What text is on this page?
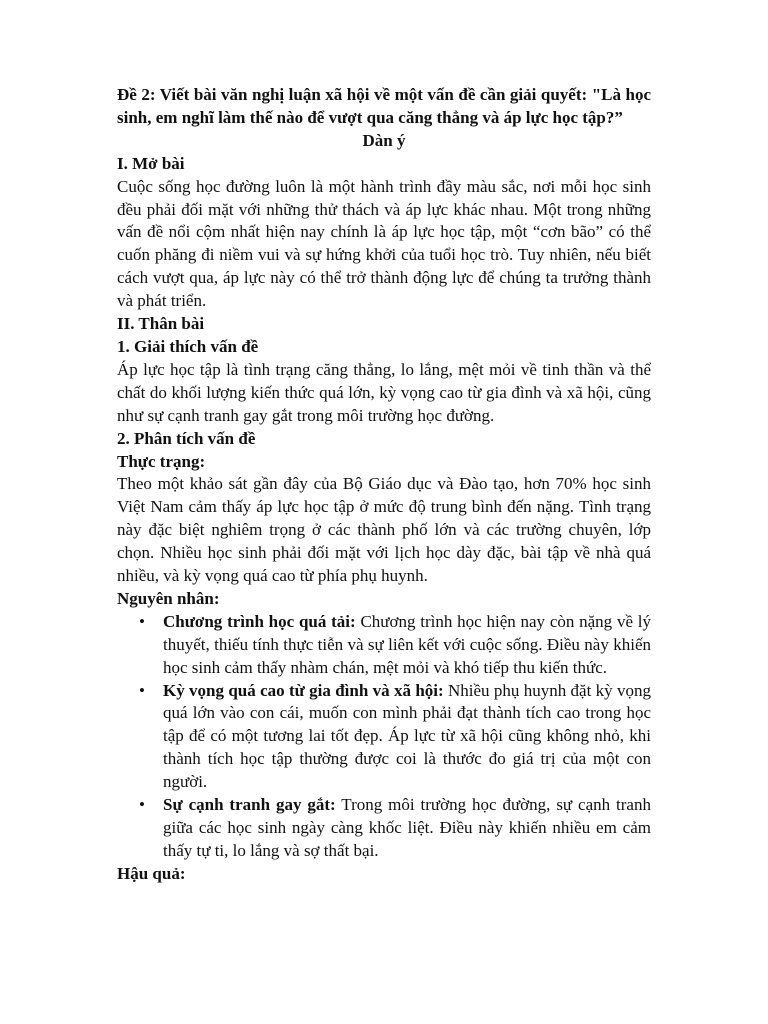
Đề 2: Viết bài văn nghị luận xã hội về một vấn đề cần giải quyết: "Là học sinh, em nghĩ làm thế nào để vượt qua căng thẳng và áp lực học tập?”

Dàn ý

I. Mở bài

Cuộc sống học đường luôn là một hành trình đầy màu sắc, nơi mỗi học sinh đều phải đối mặt với những thử thách và áp lực khác nhau. Một trong những vấn đề nổi cộm nhất hiện nay chính là áp lực học tập, một “cơn bão” có thể cuốn phăng đi niềm vui và sự hứng khởi của tuổi học trò. Tuy nhiên, nếu biết cách vượt qua, áp lực này có thể trở thành động lực để chúng ta trưởng thành và phát triển.

II. Thân bài

1. Giải thích vấn đề

Áp lực học tập là tình trạng căng thẳng, lo lắng, mệt mỏi về tinh thần và thể chất do khối lượng kiến thức quá lớn, kỳ vọng cao từ gia đình và xã hội, cũng như sự cạnh tranh gay gắt trong môi trường học đường.

2. Phân tích vấn đề

Thực trạng:

Theo một khảo sát gần đây của Bộ Giáo dục và Đào tạo, hơn 70% học sinh Việt Nam cảm thấy áp lực học tập ở mức độ trung bình đến nặng. Tình trạng này đặc biệt nghiêm trọng ở các thành phố lớn và các trường chuyên, lớp chọn. Nhiều học sinh phải đối mặt với lịch học dày đặc, bài tập về nhà quá nhiều, và kỳ vọng quá cao từ phía phụ huynh.

Nguyên nhân:

• Chương trình học quá tải: Chương trình học hiện nay còn nặng về lý thuyết, thiếu tính thực tiễn và sự liên kết với cuộc sống. Điều này khiến học sinh cảm thấy nhàm chán, mệt mỏi và khó tiếp thu kiến thức.
• Kỳ vọng quá cao từ gia đình và xã hội: Nhiều phụ huynh đặt kỳ vọng quá lớn vào con cái, muốn con mình phải đạt thành tích cao trong học tập để có một tương lai tốt đẹp. Áp lực từ xã hội cũng không nhỏ, khi thành tích học tập thường được coi là thước đo giá trị của một con người.
• Sự cạnh tranh gay gắt: Trong môi trường học đường, sự cạnh tranh giữa các học sinh ngày càng khốc liệt. Điều này khiến nhiều em cảm thấy tự ti, lo lắng và sợ thất bại.

Hậu quả:
